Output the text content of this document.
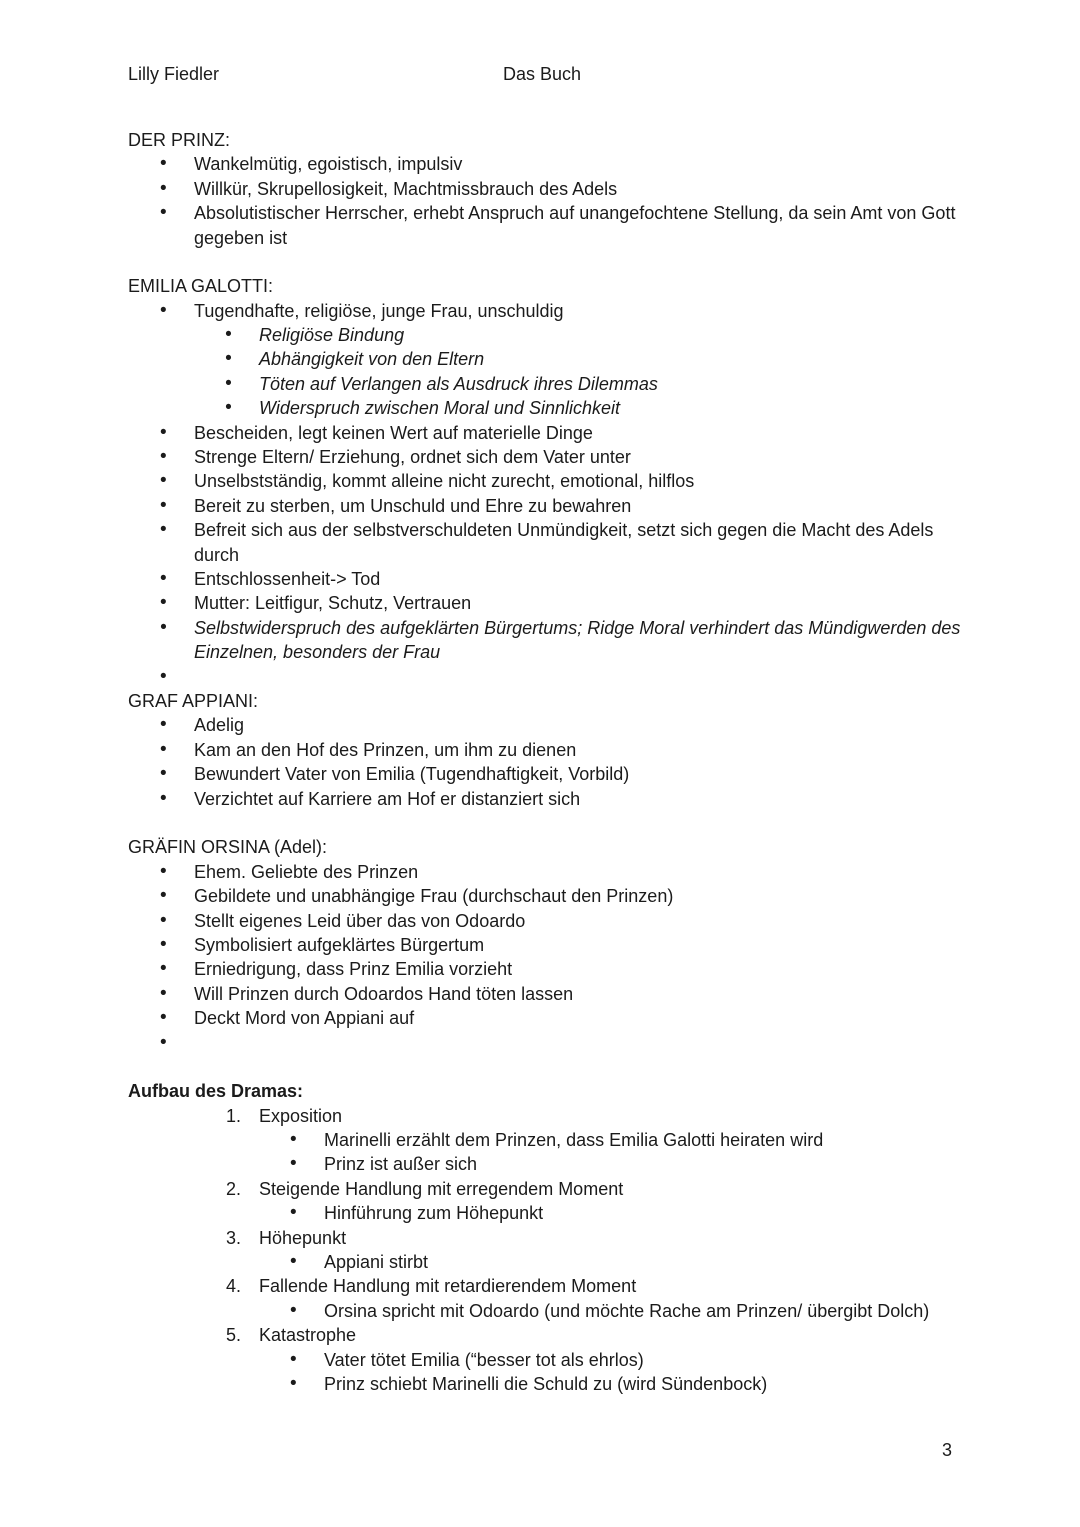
Lilly Fiedler	Das Buch

DER PRINZ:

• Wankelmütig, egoistisch, impulsiv
• Willkür, Skrupellosigkeit, Machtmissbrauch des Adels
• Absolutistischer Herrscher, erhebt Anspruch auf unangefochtene Stellung, da sein Amt von Gott gegeben ist

EMILIA GALOTTI:

• Tugendhafte, religiöse, junge Frau, unschuldig
• Religiöse Bindung
• Abhängigkeit von den Eltern
• Töten auf Verlangen als Ausdruck ihres Dilemmas
• Widerspruch zwischen Moral und Sinnlichkeit
• Bescheiden, legt keinen Wert auf materielle Dinge
• Strenge Eltern/ Erziehung, ordnet sich dem Vater unter
• Unselbstständig, kommt alleine nicht zurecht, emotional, hilflos
• Bereit zu sterben, um Unschuld und Ehre zu bewahren
• Befreit sich aus der selbstverschuldeten Unmündigkeit, setzt sich gegen die Macht des Adels durch
• Entschlossenheit-> Tod
• Mutter: Leitfigur, Schutz, Vertrauen
• Selbstwiderspruch des aufgeklärten Bürgertums; Ridge Moral verhindert das Mündigwerden des Einzelnen, besonders der Frau
•

GRAF APPIANI:

• Adelig
• Kam an den Hof des Prinzen, um ihm zu dienen
• Bewundert Vater von Emilia (Tugendhaftigkeit, Vorbild)
• Verzichtet auf Karriere am Hof er distanziert sich

GRÄFIN ORSINA (Adel):

• Ehem. Geliebte des Prinzen
• Gebildete und unabhängige Frau (durchschaut den Prinzen)
• Stellt eigenes Leid über das von Odoardo
• Symbolisiert aufgeklärtes Bürgertum
• Erniedrigung, dass Prinz Emilia vorzieht
• Will Prinzen durch Odoardos Hand töten lassen
• Deckt Mord von Appiani auf
•

Aufbau des Dramas:

1. Exposition
• Marinelli erzählt dem Prinzen, dass Emilia Galotti heiraten wird
• Prinz ist außer sich
2. Steigende Handlung mit erregendem Moment
• Hinführung zum Höhepunkt
3. Höhepunkt
• Appiani stirbt
4. Fallende Handlung mit retardierendem Moment
• Orsina spricht mit Odoardo (und möchte Rache am Prinzen/ übergibt Dolch)
5. Katastrophe
• Vater tötet Emilia (“besser tot als ehrlos)
• Prinz schiebt Marinelli die Schuld zu (wird Sündenbock)
3
